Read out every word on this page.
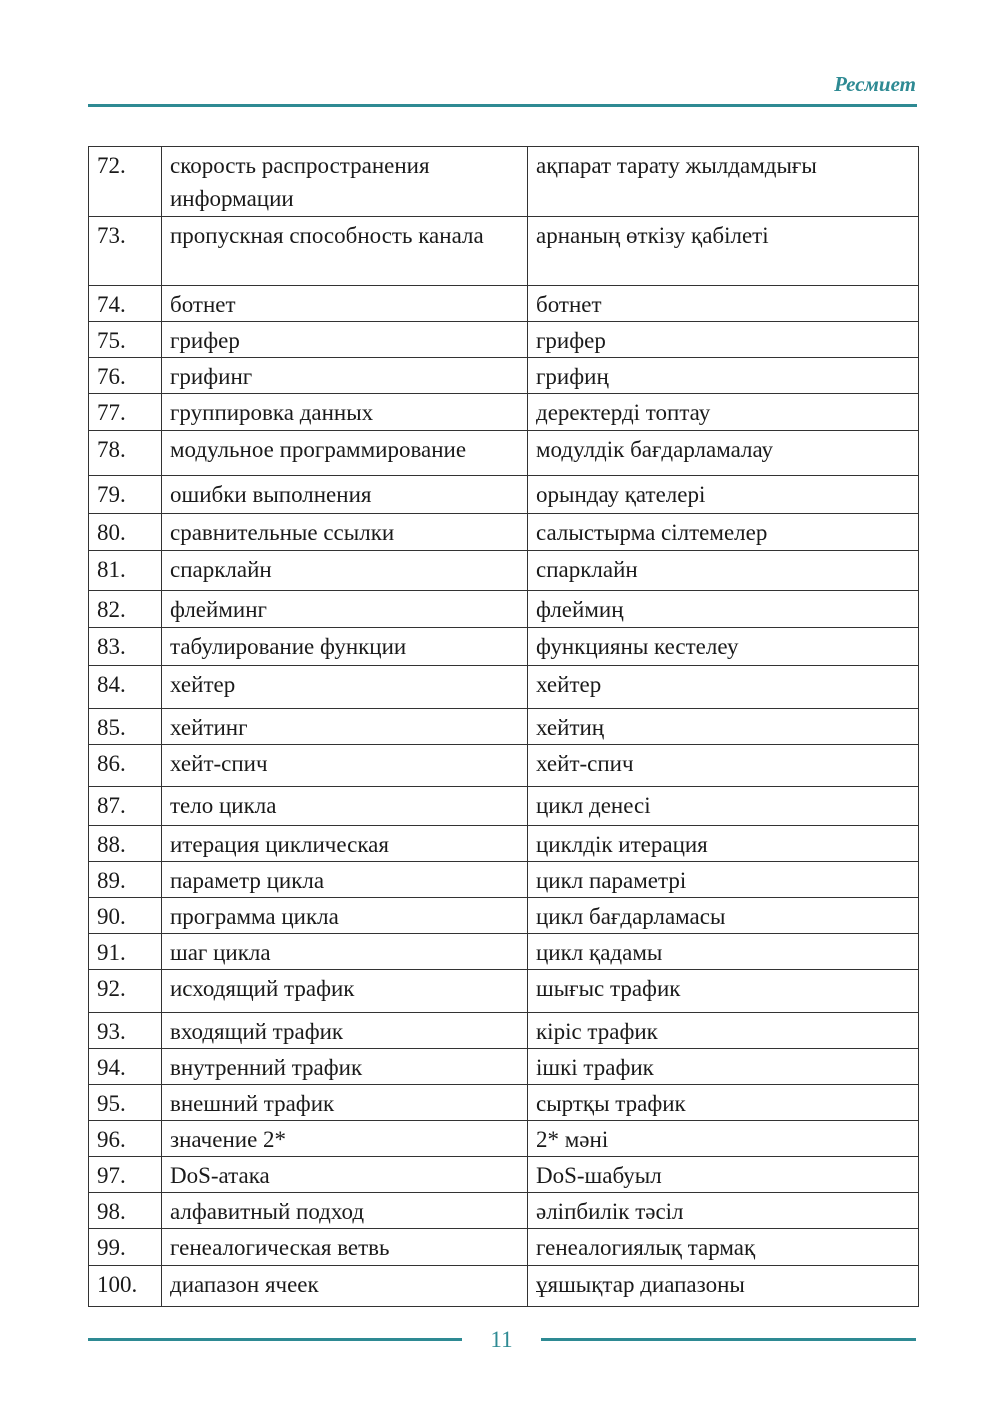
Ресмиет
72.	скорость распространения информации	ақпарат тарату жылдамдығы
73.	пропускная способность канала	арнаның өткізу қабілеті
74.	ботнет	ботнет
75.	грифер	грифер
76.	грифинг	грифиң
77.	группировка данных	деректерді топтау
78.	модульное программирование	модулдік бағдарламалау
79.	ошибки выполнения	орындау қателері
80.	сравнительные ссылки	салыстырма сілтемелер
81.	спарклайн	спарклайн
82.	флейминг	флеймиң
83.	табулирование функции	функцияны кестелеу
84.	хейтер	хейтер
85.	хейтинг	хейтиң
86.	хейт-спич	хейт-спич
87.	тело цикла	цикл денесі
88.	итерация циклическая	циклдік итерация
89.	параметр цикла	цикл параметрі
90.	программа цикла	цикл бағдарламасы
91.	шаг цикла	цикл қадамы
92.	исходящий трафик	шығыс трафик
93.	входящий трафик	кіріс трафик
94.	внутренний трафик	ішкі трафик
95.	внешний трафик	сыртқы трафик
96.	значение 2*	2* мәні
97.	DoS-атака	DoS-шабуыл
98.	алфавитный подход	әліпбилік тәсіл
99.	генеалогическая ветвь	генеалогиялық тармақ
100.	диапазон ячеек	ұяшықтар диапазоны
11
